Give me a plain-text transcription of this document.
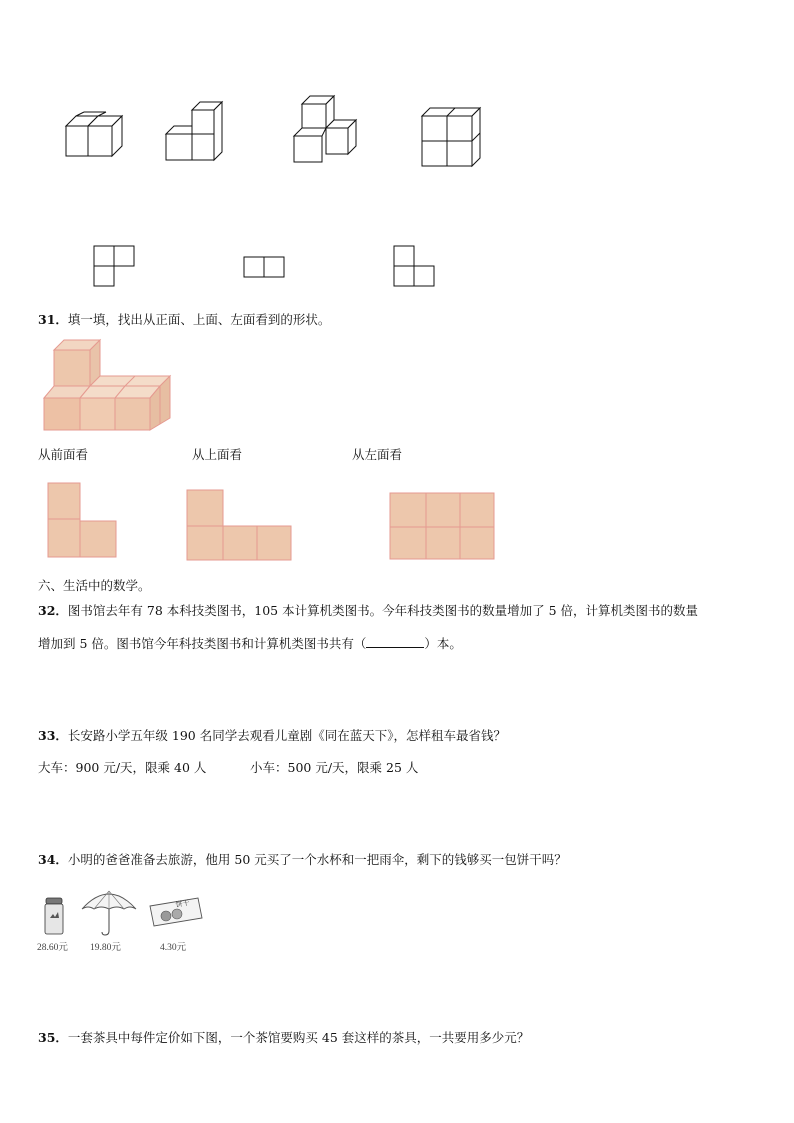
31．填一填，找出从正面、上面、左面看到的形状。
从前面看	从上面看	从左面看
六、生活中的数学。
32．图书馆去年有 78 本科技类图书，105 本计算机类图书。今年科技类图书的数量增加了 5 倍，计算机类图书的数量
增加到 5 倍。图书馆今年科技类图书和计算机类图书共有（	）本。
33．长安路小学五年级 190 名同学去观看儿童剧《同在蓝天下》，怎样租车最省钱？
大车：900 元/天，限乘 40 人	小车：500 元/天，限乘 25 人
34．小明的爸爸准备去旅游，他用 50 元买了一个水杯和一把雨伞，剩下的钱够买一包饼干吗？
28.60元 19.80元
饼干
4.30元
35．一套茶具中每件定价如下图，一个茶馆要购买 45 套这样的茶具，一共要用多少元？
